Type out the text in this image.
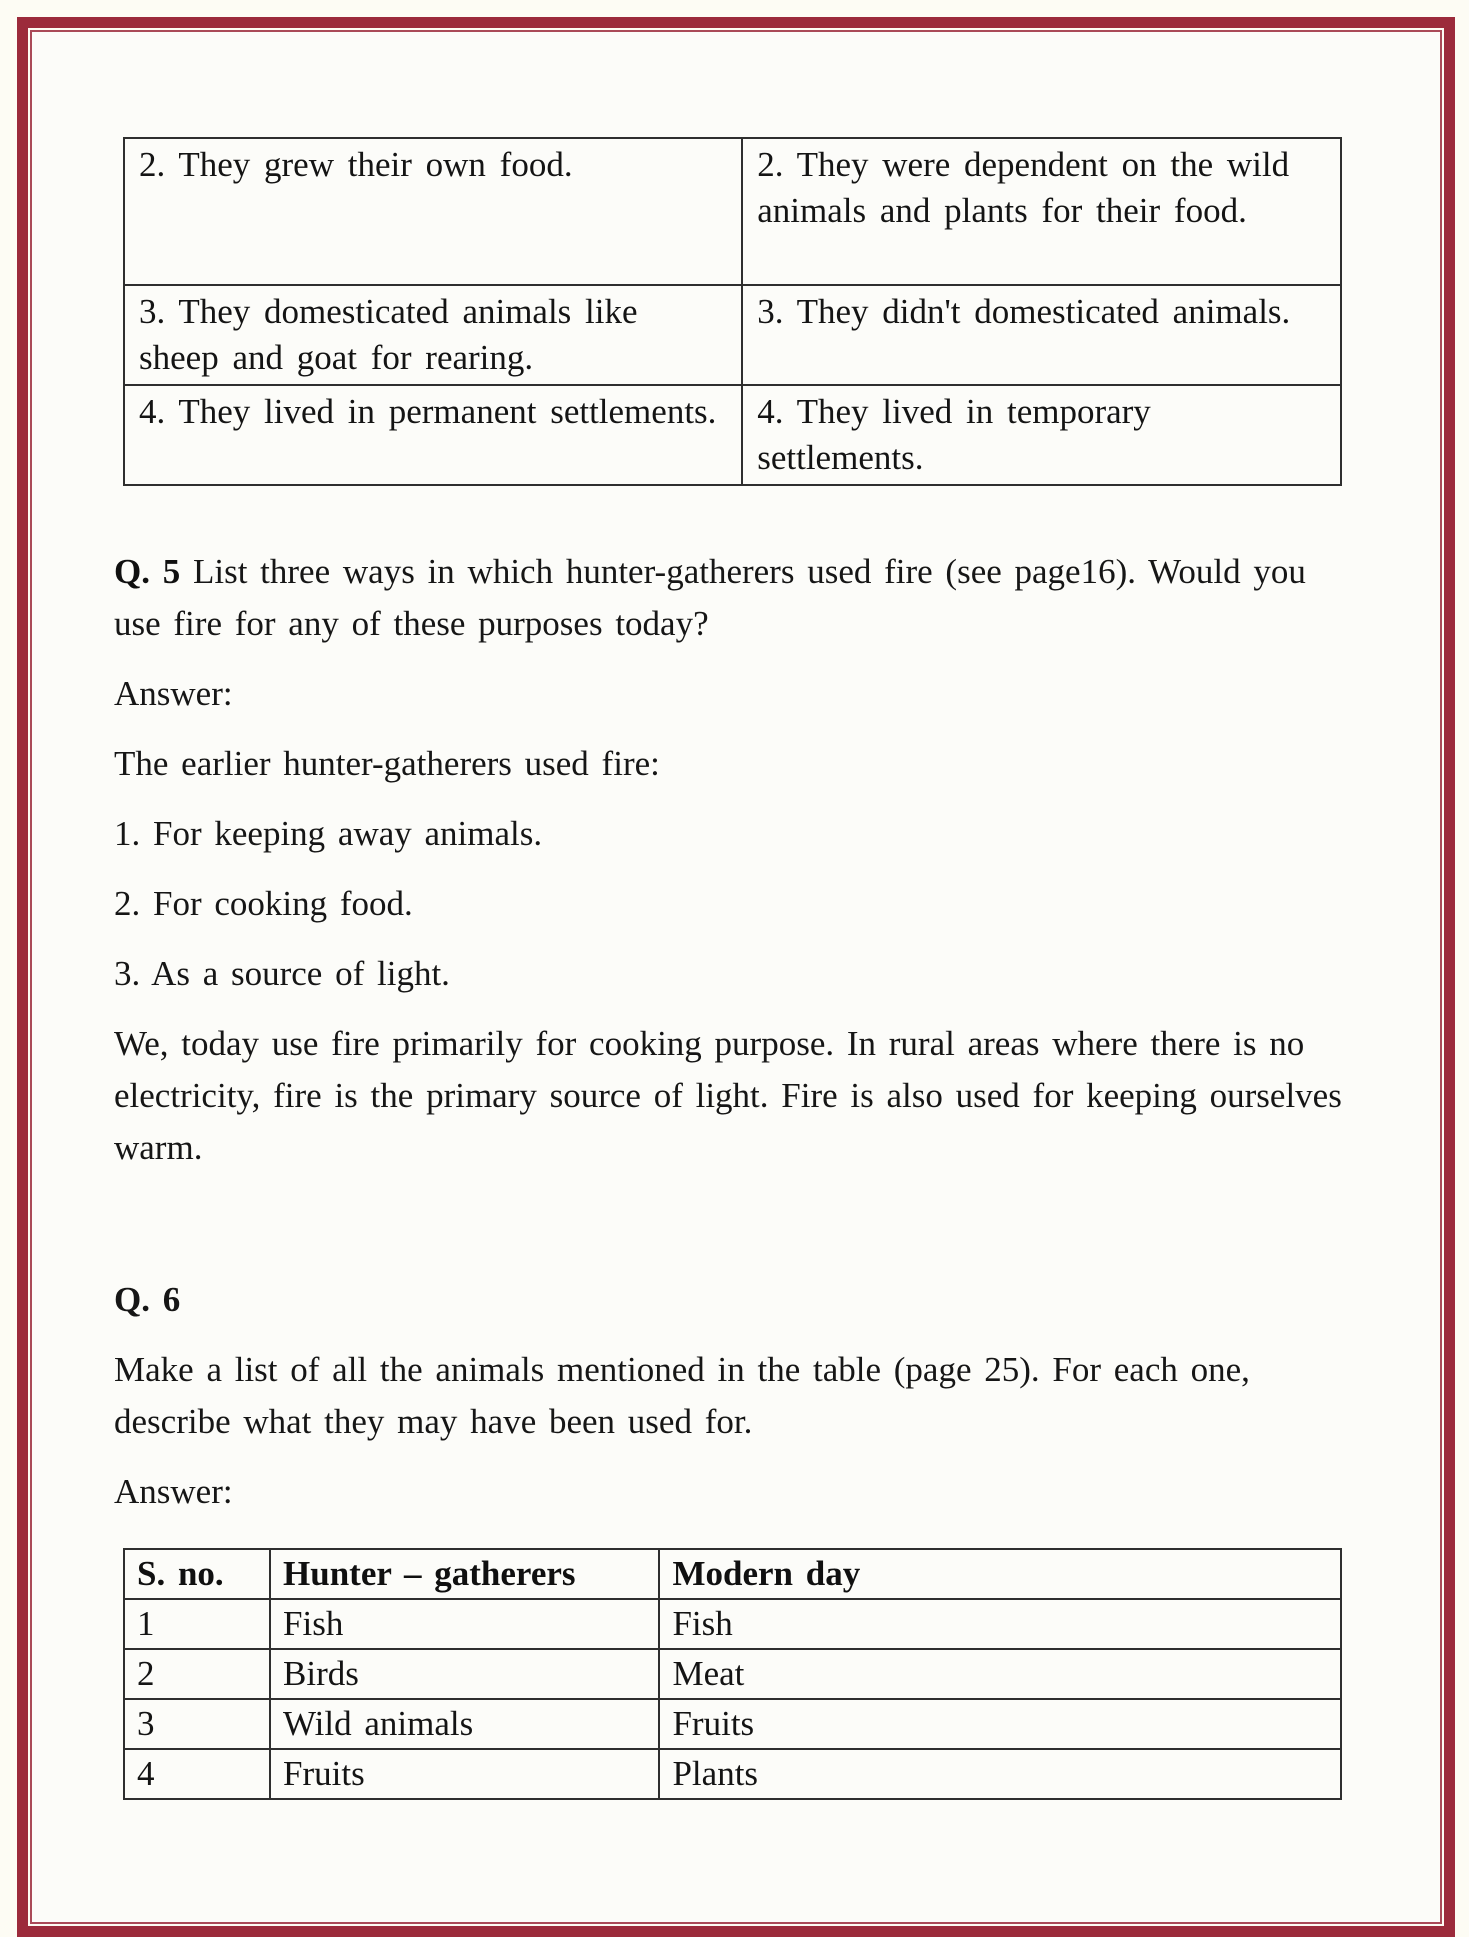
2. They grew their own food.	2. They were dependent on the wild animals and plants for their food.
3. They domesticated animals like sheep and goat for rearing.	3. They didn't domesticated animals.
4. They lived in permanent settlements.	4. They lived in temporary settlements.

Q. 5 List three ways in which hunter-gatherers used fire (see page16). Would you use fire for any of these purposes today?

Answer:

The earlier hunter-gatherers used fire:

1. For keeping away animals.

2. For cooking food.

3. As a source of light.

We, today use fire primarily for cooking purpose. In rural areas where there is no electricity, fire is the primary source of light. Fire is also used for keeping ourselves warm.

Q. 6

Make a list of all the animals mentioned in the table (page 25). For each one, describe what they may have been used for.

Answer:

S. no.	Hunter – gatherers	Modern day
1	Fish	Fish
2	Birds	Meat
3	Wild animals	Fruits
4	Fruits	Plants
